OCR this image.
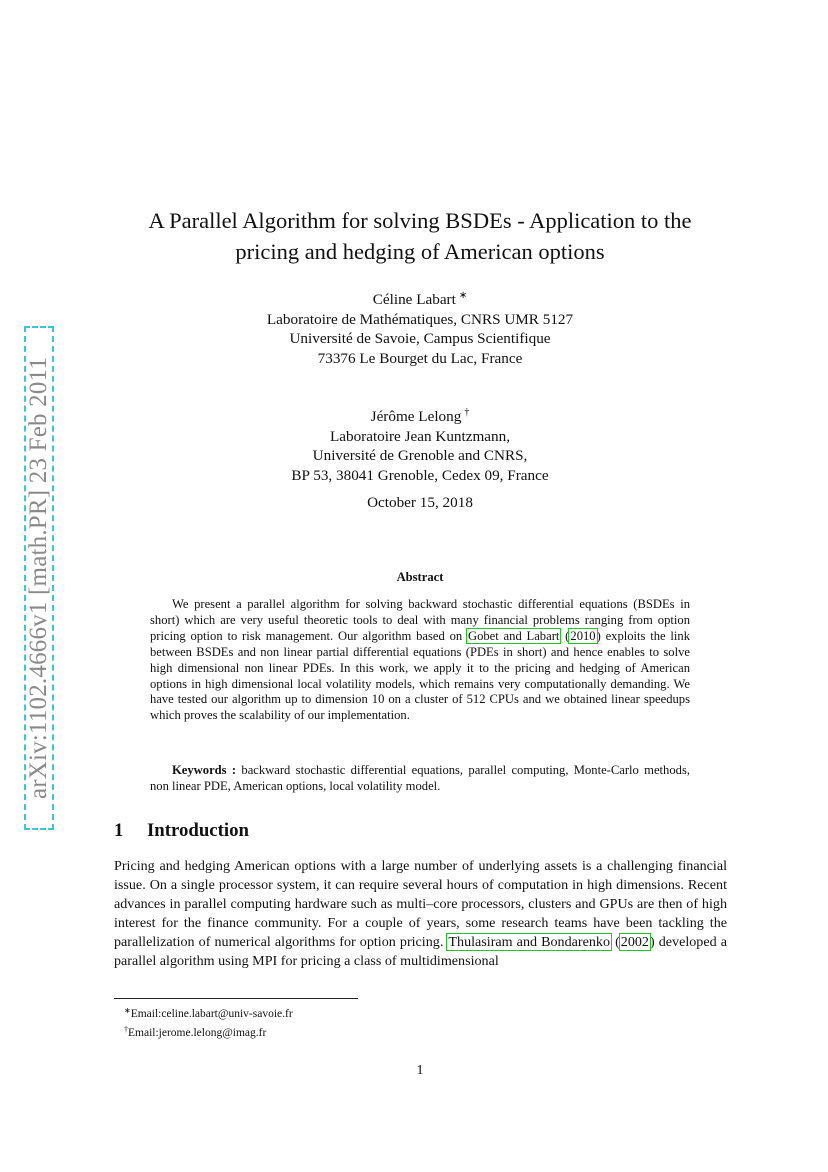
arXiv:1102.4666v1 [math.PR] 23 Feb 2011
A Parallel Algorithm for solving BSDEs - Application to the
pricing and hedging of American options
Céline Labart ∗
Laboratoire de Mathématiques, CNRS UMR 5127
Université de Savoie, Campus Scientifique
73376 Le Bourget du Lac, France
Jérôme Lelong †
Laboratoire Jean Kuntzmann,
Université de Grenoble and CNRS,
BP 53, 38041 Grenoble, Cedex 09, France
October 15, 2018
Abstract

We present a parallel algorithm for solving backward stochastic differential equations (BSDEs in short) which are very useful theoretic tools to deal with many financial problems ranging from option pricing option to risk management. Our algorithm based on Gobet and Labart (2010) exploits the link between BSDEs and non linear partial differential equations (PDEs in short) and hence enables to solve high dimensional non linear PDEs. In this work, we apply it to the pricing and hedging of American options in high dimensional local volatility models, which remains very computationally demanding. We have tested our algorithm up to dimension 10 on a cluster of 512 CPUs and we obtained linear speedups which proves the scalability of our implementation.

Keywords : backward stochastic differential equations, parallel computing, Monte-Carlo methods, non linear PDE, American options, local volatility model.
1 Introduction

Pricing and hedging American options with a large number of underlying assets is a challenging financial issue. On a single processor system, it can require several hours of computation in high dimensions. Recent advances in parallel computing hardware such as multi–core processors, clusters and GPUs are then of high interest for the finance community. For a couple of years, some research teams have been tackling the parallelization of numerical algorithms for option pricing. Thulasiram and Bondarenko (2002) developed a parallel algorithm using MPI for pricing a class of multidimensional

∗Email:celine.labart@univ-savoie.fr
†Email:jerome.lelong@imag.fr
1
